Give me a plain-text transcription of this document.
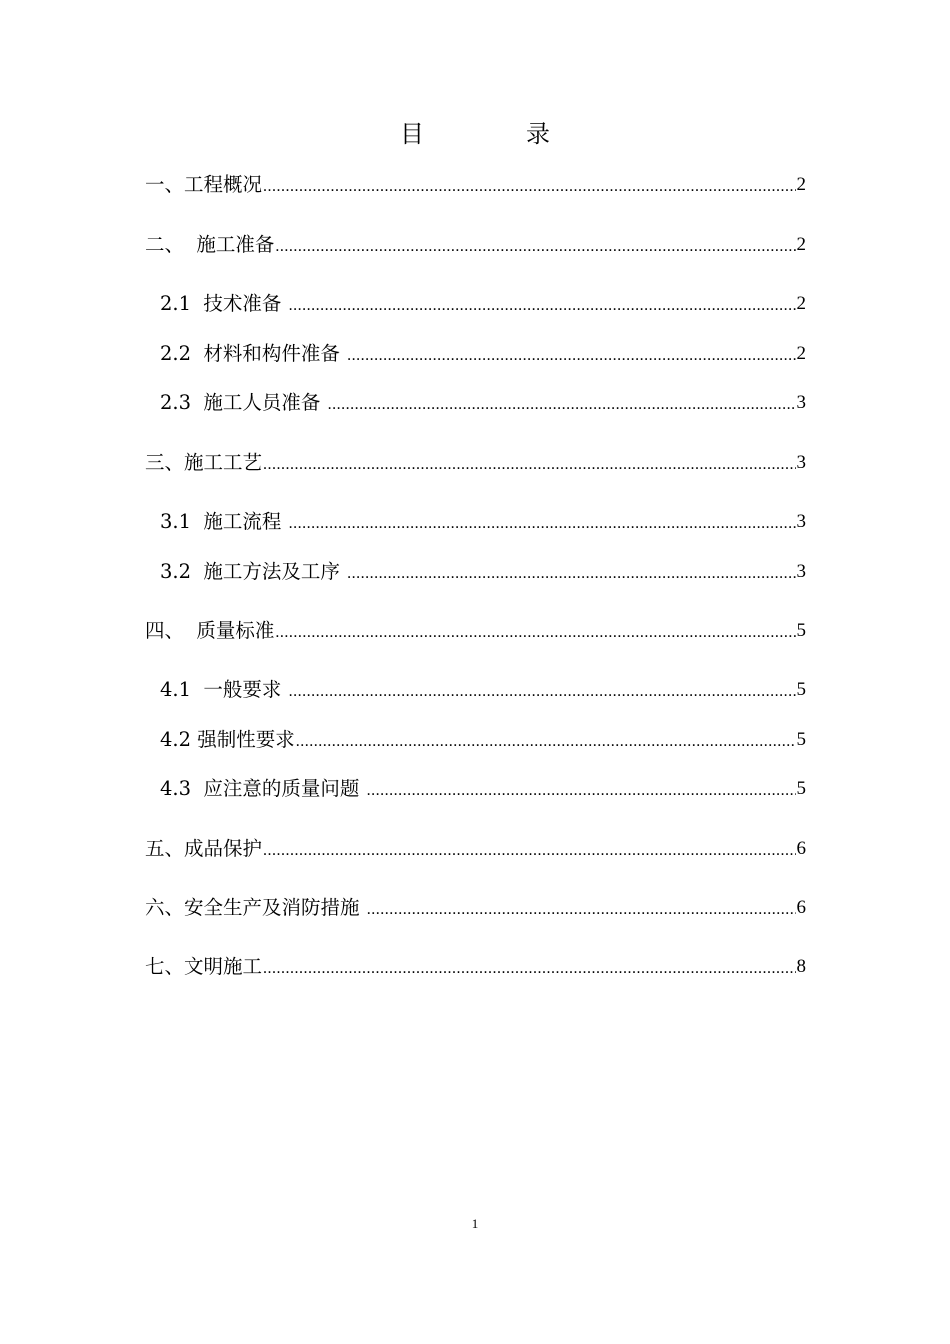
目	录
一、工程概况 .....	2
二、  施工准备 .....	2
2.1  技术准备 .....	2
2.2  材料和构件准备 .....	2
2.3  施工人员准备 .....	3
三、施工工艺 .....	3
3.1  施工流程 .....	3
3.2  施工方法及工序 .....	3
四、  质量标准 .....	5
4.1  一般要求 .....	5
4.2 强制性要求 .....	5
4.3  应注意的质量问题 .....	5
五、成品保护 .....	6
六、安全生产及消防措施 .....	6
七、文明施工 .....	8
1
